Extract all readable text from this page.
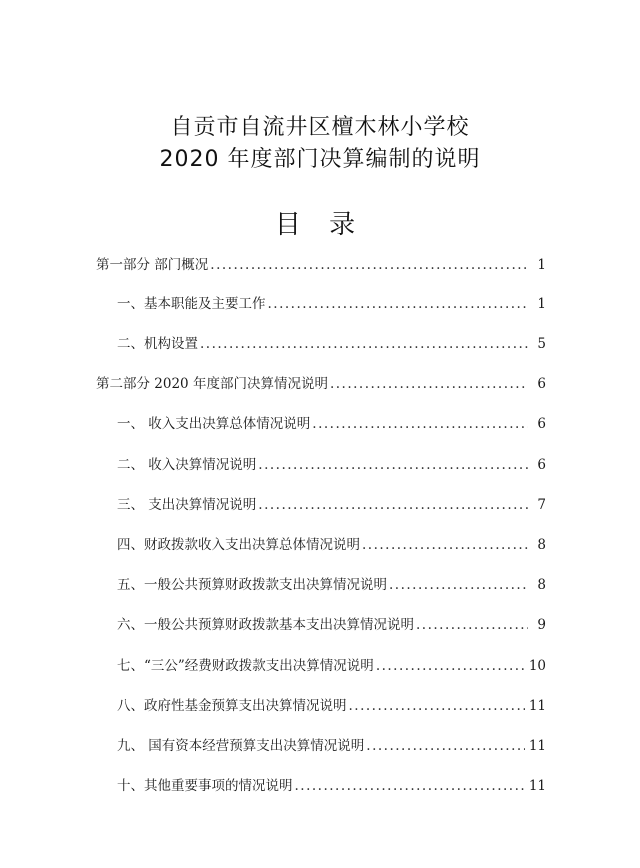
自贡市自流井区檀木林小学校
2020 年度部门决算编制的说明
目 录
第一部分 部门概况 .....	1
一、基本职能及主要工作 .....	1
二、机构设置 .....	5
第二部分 2020 年度部门决算情况说明 .....	6
一、 收入支出决算总体情况说明 .....	6
二、 收入决算情况说明 .....	6
三、 支出决算情况说明 .....	7
四、财政拨款收入支出决算总体情况说明 .....	8
五、一般公共预算财政拨款支出决算情况说明 .....	8
六、一般公共预算财政拨款基本支出决算情况说明 .....	9
七、“三公”经费财政拨款支出决算情况说明 .....	10
八、政府性基金预算支出决算情况说明 .....	11
九、 国有资本经营预算支出决算情况说明 .....	11
十、其他重要事项的情况说明 .....	11
